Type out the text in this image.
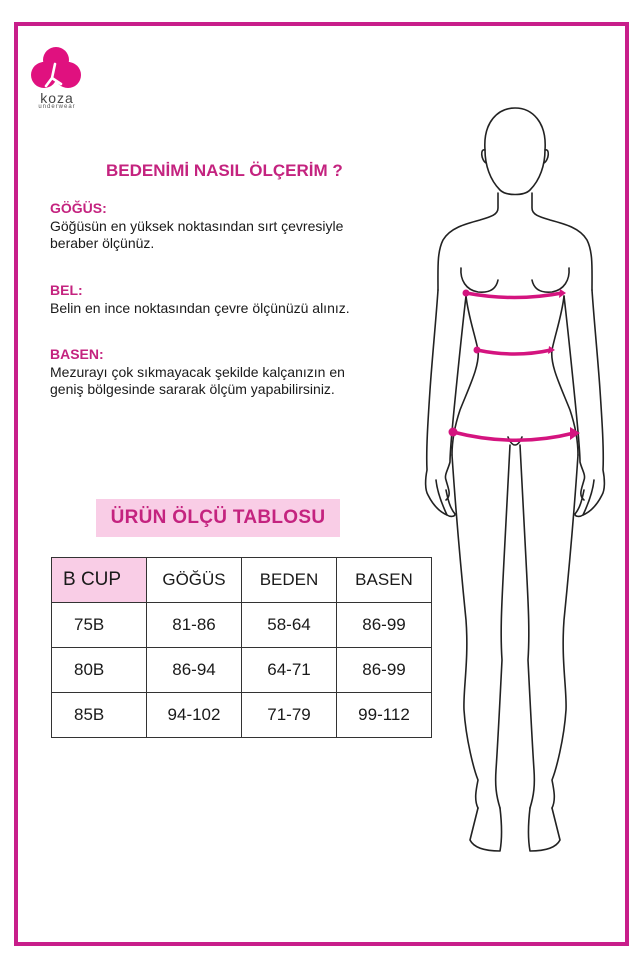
koza
underwear
BEDENİMİ NASIL ÖLÇERİM ?
GÖĞÜS:
Göğüsün en yüksek noktasından sırt çevresiyle
beraber ölçünüz.
BEL:
Belin en ince noktasından çevre ölçünüzü alınız.
BASEN:
Mezurayı çok sıkmayacak şekilde kalçanızın en
geniş bölgesinde sararak ölçüm yapabilirsiniz.
ÜRÜN ÖLÇÜ TABLOSU
B CUP	GÖĞÜS	BEDEN	BASEN
75B	81-86	58-64	86-99
80B	86-94	64-71	86-99
85B	94-102	71-79	99-112
